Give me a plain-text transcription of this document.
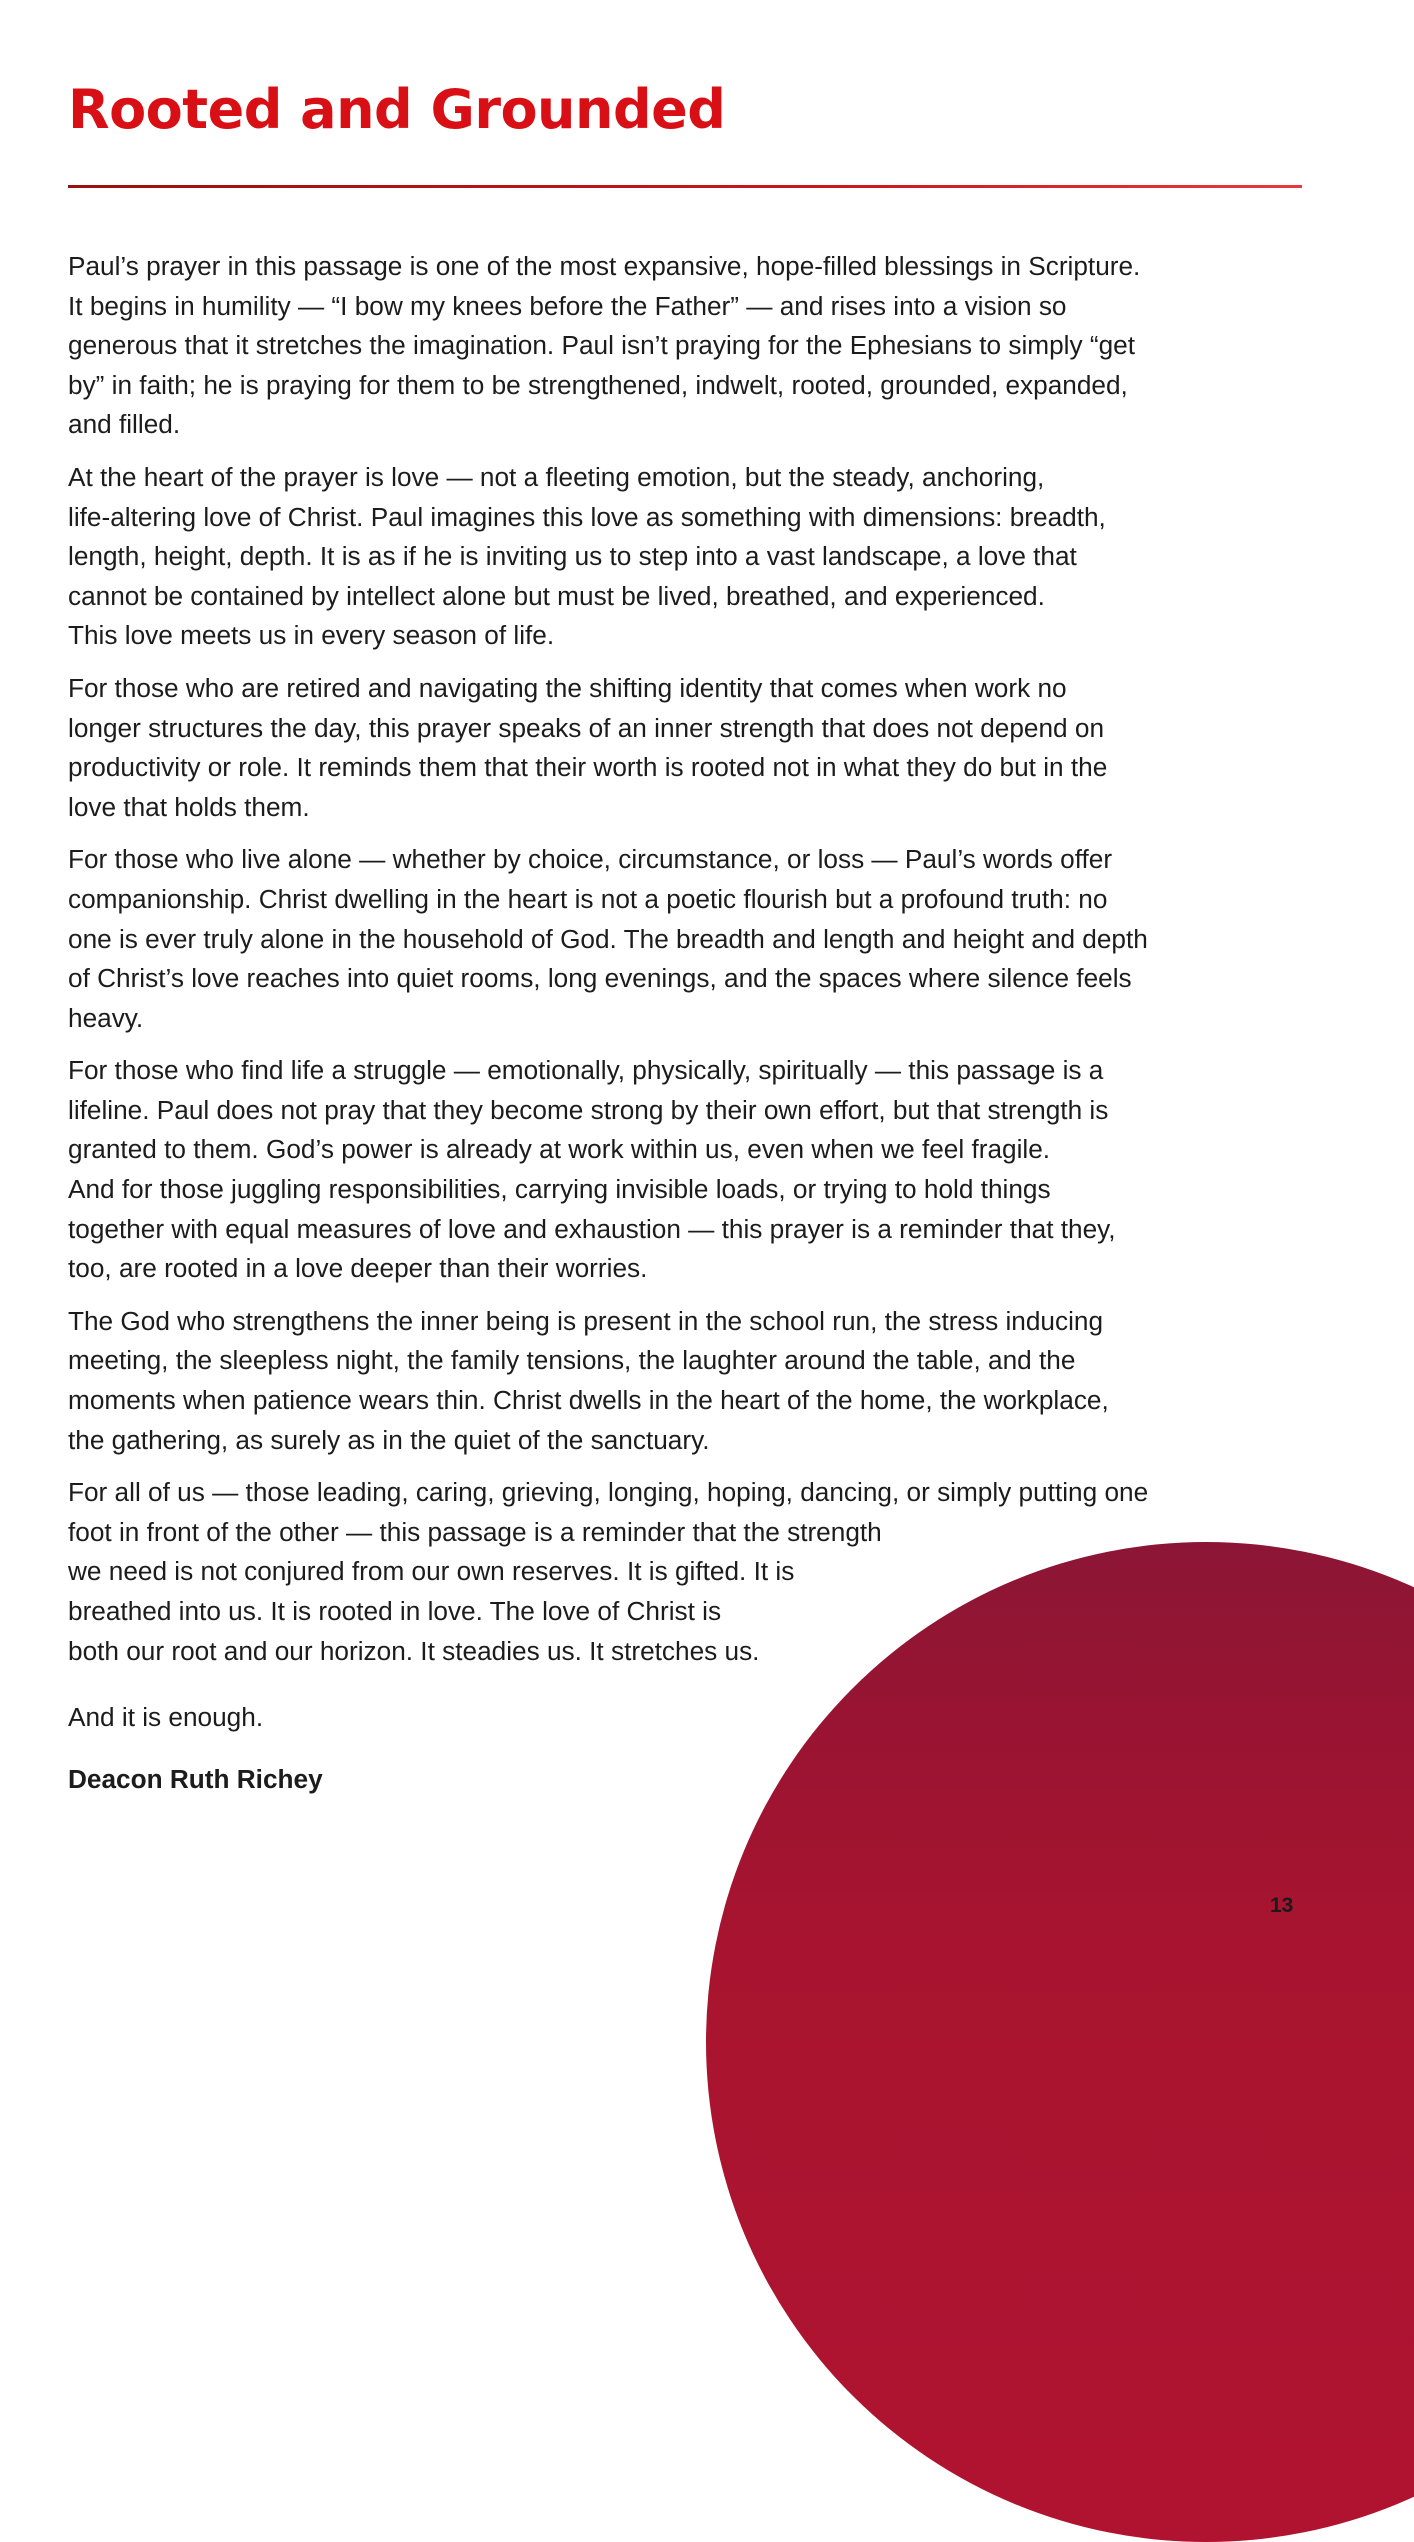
Rooted and Grounded

Paul’s prayer in this passage is one of the most expansive, hope-filled blessings in Scripture.
It begins in humility — “I bow my knees before the Father” — and rises into a vision so
generous that it stretches the imagination. Paul isn’t praying for the Ephesians to simply “get
by” in faith; he is praying for them to be strengthened, indwelt, rooted, grounded, expanded,
and filled.

At the heart of the prayer is love — not a fleeting emotion, but the steady, anchoring,
life-altering love of Christ. Paul imagines this love as something with dimensions: breadth,
length, height, depth. It is as if he is inviting us to step into a vast landscape, a love that
cannot be contained by intellect alone but must be lived, breathed, and experienced.
This love meets us in every season of life.

For those who are retired and navigating the shifting identity that comes when work no
longer structures the day, this prayer speaks of an inner strength that does not depend on
productivity or role. It reminds them that their worth is rooted not in what they do but in the
love that holds them.

For those who live alone — whether by choice, circumstance, or loss — Paul’s words offer
companionship. Christ dwelling in the heart is not a poetic flourish but a profound truth: no
one is ever truly alone in the household of God. The breadth and length and height and depth
of Christ’s love reaches into quiet rooms, long evenings, and the spaces where silence feels
heavy.

For those who find life a struggle — emotionally, physically, spiritually — this passage is a
lifeline. Paul does not pray that they become strong by their own effort, but that strength is
granted to them. God’s power is already at work within us, even when we feel fragile.
And for those juggling responsibilities, carrying invisible loads, or trying to hold things
together with equal measures of love and exhaustion — this prayer is a reminder that they,
too, are rooted in a love deeper than their worries.

The God who strengthens the inner being is present in the school run, the stress inducing
meeting, the sleepless night, the family tensions, the laughter around the table, and the
moments when patience wears thin. Christ dwells in the heart of the home, the workplace,
the gathering, as surely as in the quiet of the sanctuary.

For all of us — those leading, caring, grieving, longing, hoping, dancing, or simply putting one
foot in front of the other — this passage is a reminder that the strength
we need is not conjured from our own reserves. It is gifted. It is
breathed into us. It is rooted in love. The love of Christ is
both our root and our horizon. It steadies us. It stretches us.

And it is enough.

Deacon Ruth Richey

13
